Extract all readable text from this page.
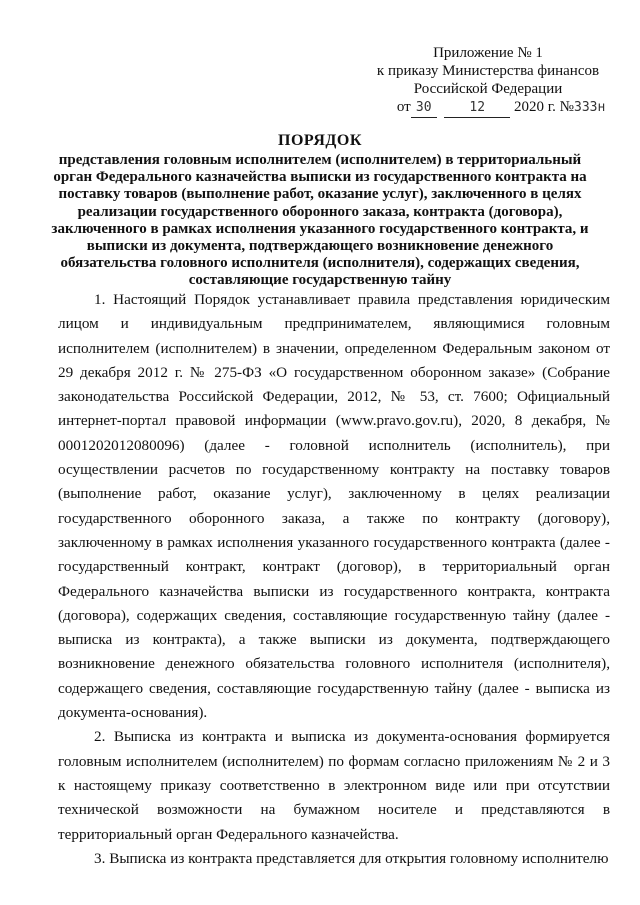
Приложение № 1
к приказу Министерства финансов
Российской Федерации
от 30	12 2020 г. №333н
ПОРЯДОК
представления головным исполнителем (исполнителем) в территориальный орган Федерального казначейства выписки из государственного контракта на поставку товаров (выполнение работ, оказание услуг), заключенного в целях реализации государственного оборонного заказа, контракта (договора), заключенного в рамках исполнения указанного государственного контракта, и выписки из документа, подтверждающего возникновение денежного обязательства головного исполнителя (исполнителя), содержащих сведения, составляющие государственную тайну

1. Настоящий Порядок устанавливает правила представления юридическим лицом и индивидуальным предпринимателем, являющимися головным исполнителем (исполнителем) в значении, определенном Федеральным законом от 29 декабря 2012 г. № 275-ФЗ «О государственном оборонном заказе» (Собрание законодательства Российской Федерации, 2012, № 53, ст. 7600; Официальный интернет-портал правовой информации (www.pravo.gov.ru), 2020, 8 декабря, № 0001202012080096) (далее - головной исполнитель (исполнитель), при осуществлении расчетов по государственному контракту на поставку товаров (выполнение работ, оказание услуг), заключенному в целях реализации государственного оборонного заказа, а также по контракту (договору), заключенному в рамках исполнения указанного государственного контракта (далее - государственный контракт, контракт (договор), в территориальный орган Федерального казначейства выписки из государственного контракта, контракта (договора), содержащих сведения, составляющие государственную тайну (далее - выписка из контракта), а также выписки из документа, подтверждающего возникновение денежного обязательства головного исполнителя (исполнителя), содержащего сведения, составляющие государственную тайну (далее - выписка из документа-основания).

2. Выписка из контракта и выписка из документа-основания формируется головным исполнителем (исполнителем) по формам согласно приложениям № 2 и 3 к настоящему приказу соответственно в электронном виде или при отсутствии технической возможности на бумажном носителе и представляются в территориальный орган Федерального казначейства.

3. Выписка из контракта представляется для открытия головному исполнителю
